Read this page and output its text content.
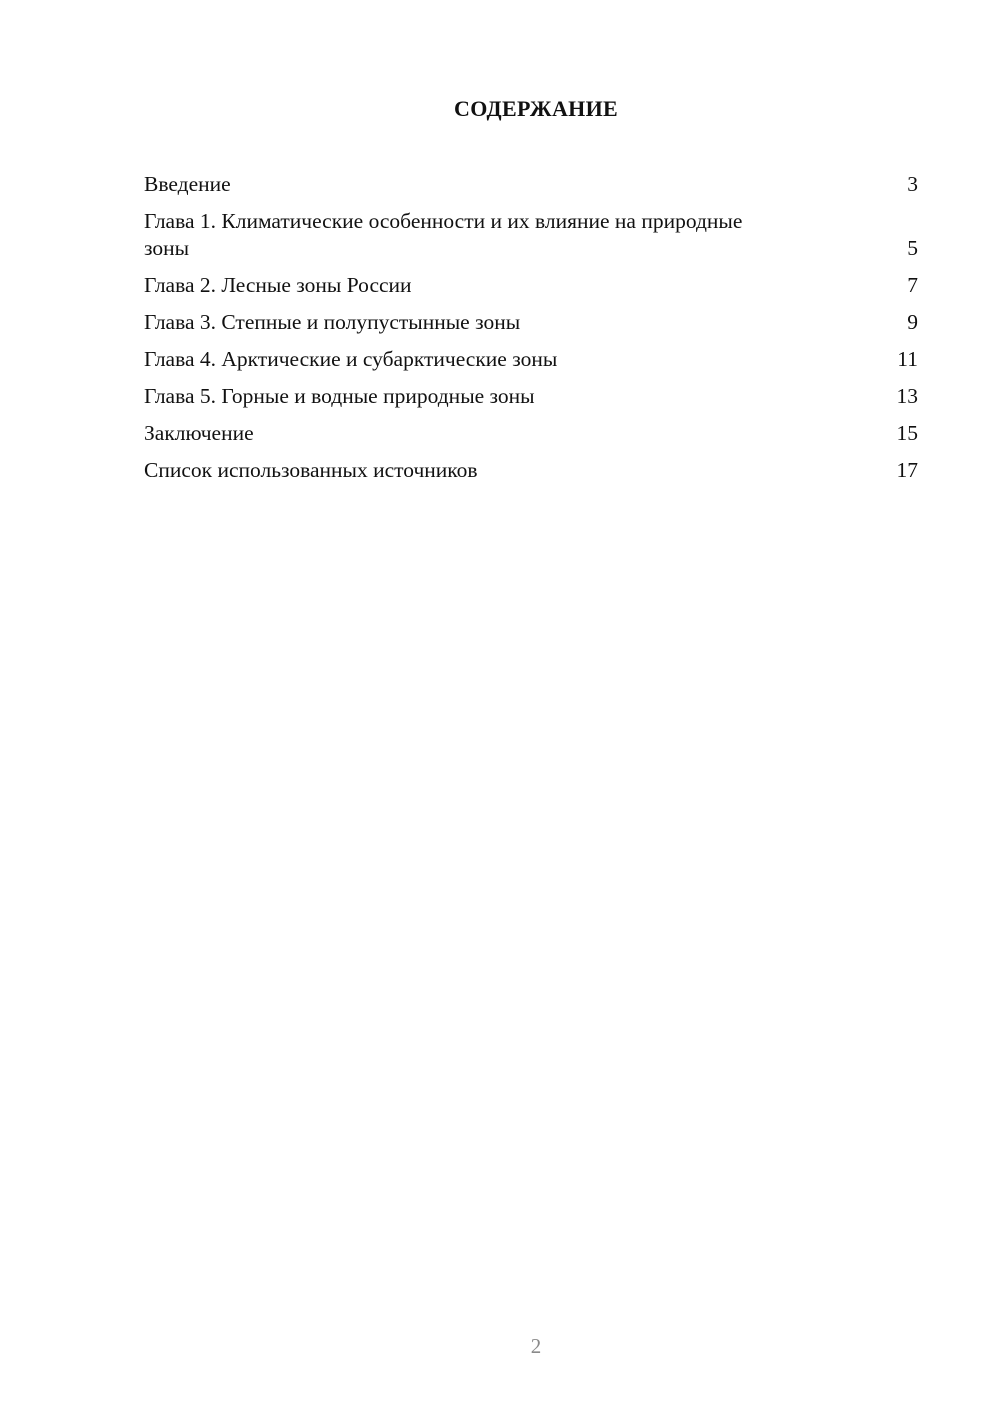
СОДЕРЖАНИЕ
Введение	3
Глава 1. Климатические особенности и их влияние на природные зоны	5
Глава 2. Лесные зоны России	7
Глава 3. Степные и полупустынные зоны	9
Глава 4. Арктические и субарктические зоны	11
Глава 5. Горные и водные природные зоны	13
Заключение	15
Список использованных источников	17
2
